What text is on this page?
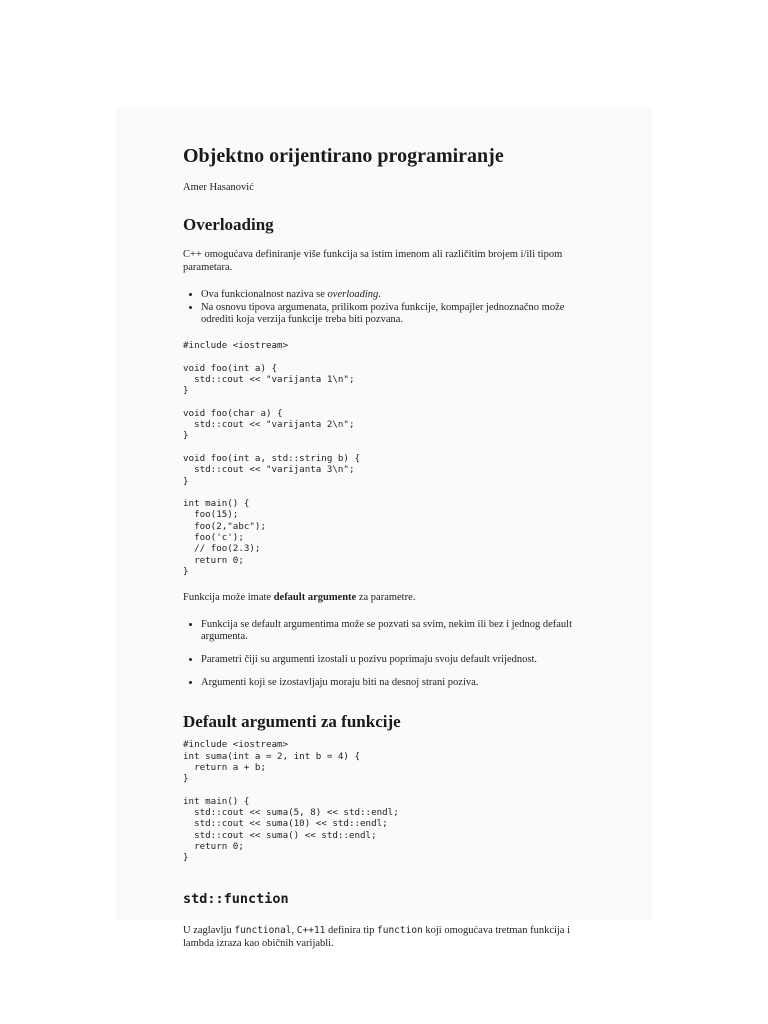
Objektno orijentirano programiranje

Amer Hasanović

Overloading

C++ omogućava definiranje više funkcija sa istim imenom ali različitim brojem i/ili tipom parametara.

• Ova funkcionalnost naziva se overloading.
• Na osnovu tipova argumenata, prilikom poziva funkcije, kompajler jednoznačno može odrediti koja verzija funkcije treba biti pozvana.
#include <iostream>

void foo(int a) {
std::cout << "varijanta 1\n";
}

void foo(char a) {
std::cout << "varijanta 2\n";
}

void foo(int a, std::string b) {
std::cout << "varijanta 3\n";
}

int main() {
foo(15);
foo(2,"abc");
foo('c');
// foo(2.3);
return 0;
}

Funkcija može imate default argumente za parametre.

• Funkcija se default argumentima može se pozvati sa svim, nekim ili bez i jednog default argumenta.
• Parametri čiji su argumenti izostali u pozivu poprimaju svoju default vrijednost.
• Argumenti koji se izostavljaju moraju biti na desnoj strani poziva.
Default argumenti za funkcije
#include <iostream>
int suma(int a = 2, int b = 4) {
return a + b;
}

int main() {
std::cout << suma(5, 8) << std::endl;
std::cout << suma(10) << std::endl;
std::cout << suma() << std::endl;
return 0;
}
std::function

U zaglavlju functional, C++11 definira tip function koji omogućava tretman funkcija i lambda izraza kao običnih varijabli.
